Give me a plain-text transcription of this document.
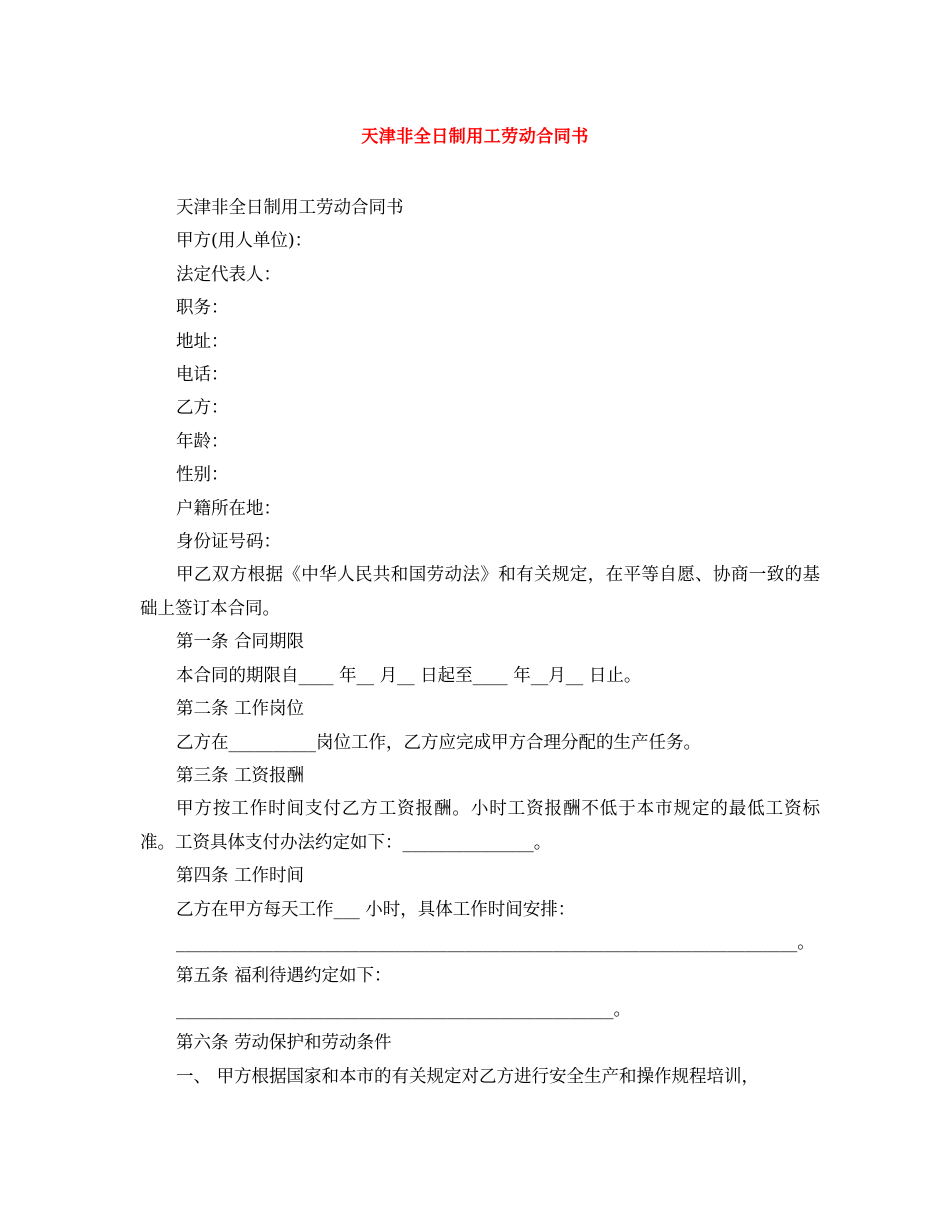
天津非全日制用工劳动合同书

天津非全日制用工劳动合同书

甲方(用人单位)：

法定代表人：

职务：

地址：

电话：

乙方：

年龄：

性别：

户籍所在地：

身份证号码：

甲乙双方根据《中华人民共和国劳动法》和有关规定，在平等自愿、协商一致的基础上签订本合同。

第一条 合同期限

本合同的期限自____ 年__ 月__ 日起至____ 年__月__ 日止。

第二条 工作岗位

乙方在__________岗位工作，乙方应完成甲方合理分配的生产任务。

第三条 工资报酬

甲方按工作时间支付乙方工资报酬。小时工资报酬不低于本市规定的最低工资标准。工资具体支付办法约定如下：_______________。

第四条 工作时间

乙方在甲方每天工作___ 小时，具体工作时间安排：

_______________________________________________________________________。

第五条 福利待遇约定如下：

__________________________________________________。

第六条 劳动保护和劳动条件

一、 甲方根据国家和本市的有关规定对乙方进行安全生产和操作规程培训，
